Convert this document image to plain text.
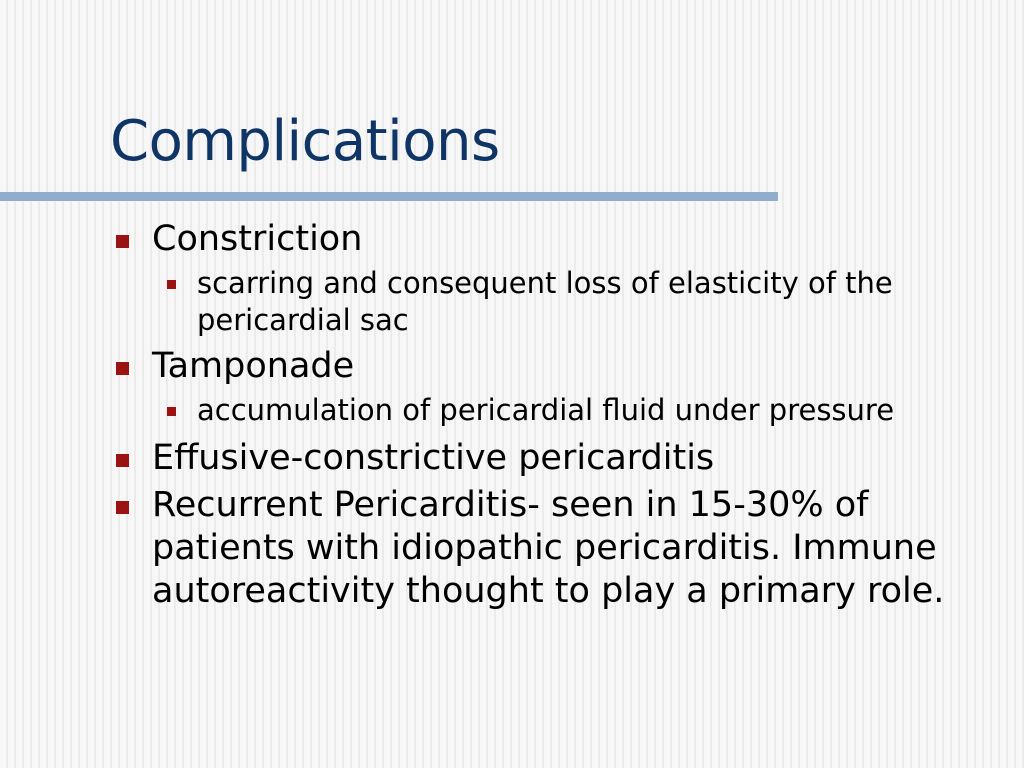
Complications
Constriction
scarring and consequent loss of elasticity of the pericardial sac
Tamponade
accumulation of pericardial fluid under pressure
Effusive-constrictive pericarditis
Recurrent Pericarditis- seen in 15-30% of patients with idiopathic pericarditis. Immune autoreactivity thought to play a primary role.
